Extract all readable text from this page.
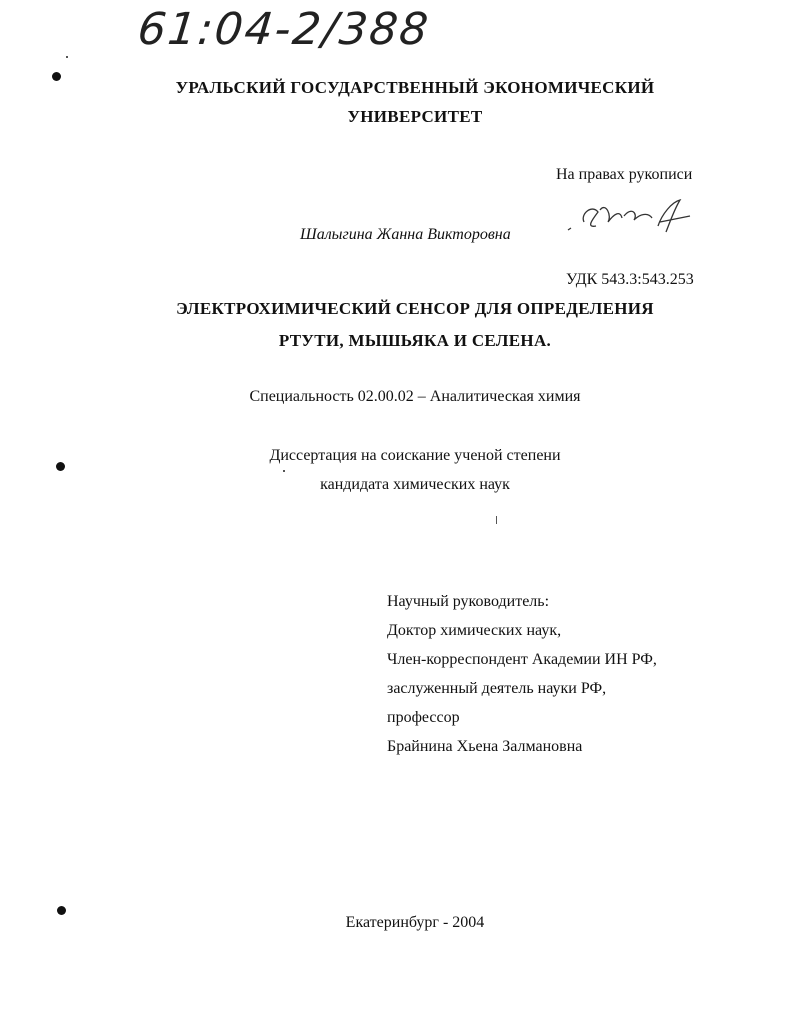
61:04-2/388
УРАЛЬСКИЙ ГОСУДАРСТВЕННЫЙ ЭКОНОМИЧЕСКИЙ
УНИВЕРСИТЕТ
На правах рукописи
Шалыгина Жанна Викторовна
УДК 543.3:543.253
ЭЛЕКТРОХИМИЧЕСКИЙ СЕНСОР ДЛЯ ОПРЕДЕЛЕНИЯ
РТУТИ, МЫШЬЯКА И СЕЛЕНА.
Специальность 02.00.02 – Аналитическая химия
Диссертация на соискание ученой степени
кандидата химических наук
Научный руководитель:
Доктор химических наук,
Член-корреспондент Академии ИН РФ,
заслуженный деятель науки РФ,
профессор
Брайнина Хьена Залмановна
Екатеринбург - 2004
